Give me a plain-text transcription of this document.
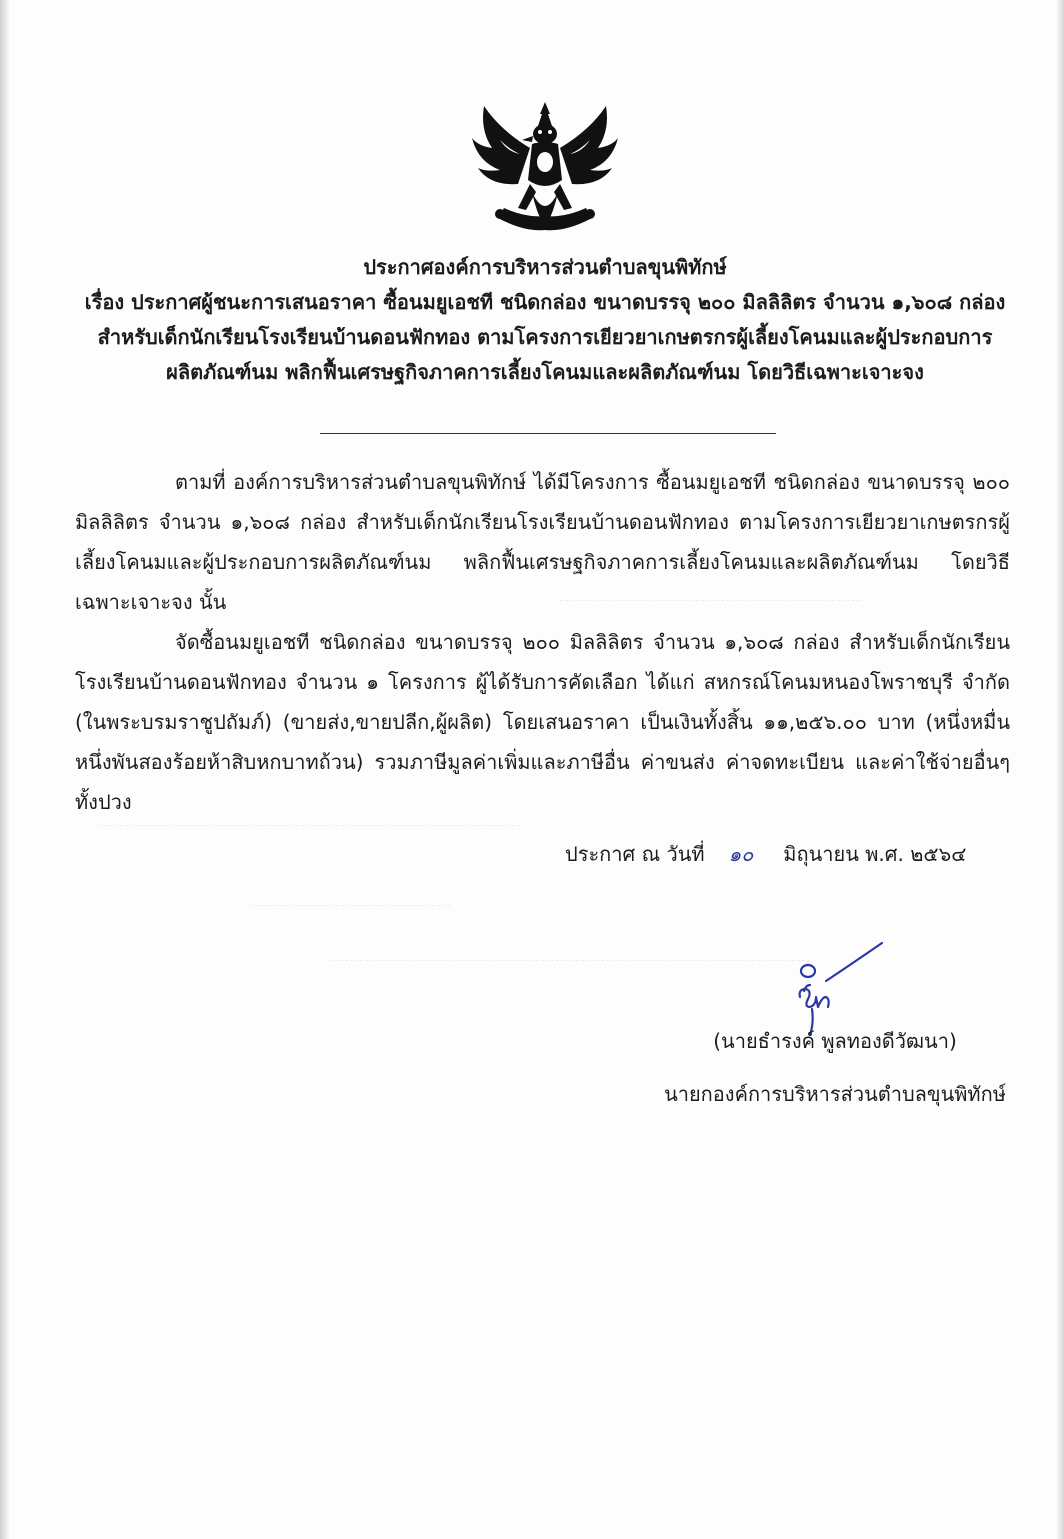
ประกาศองค์การบริหารส่วนตำบลขุนพิทักษ์
เรื่อง ประกาศผู้ชนะการเสนอราคา ซื้อนมยูเอชที ชนิดกล่อง ขนาดบรรจุ ๒๐๐ มิลลิลิตร จำนวน ๑,๖๐๘ กล่อง
สำหรับเด็กนักเรียนโรงเรียนบ้านดอนฟักทอง ตามโครงการเยียวยาเกษตรกรผู้เลี้ยงโคนมและผู้ประกอบการ
ผลิตภัณฑ์นม พลิกฟื้นเศรษฐกิจภาคการเลี้ยงโคนมและผลิตภัณฑ์นม โดยวิธีเฉพาะเจาะจง

ตามที่ องค์การบริหารส่วนตำบลขุนพิทักษ์ ได้มีโครงการ ซื้อนมยูเอชที ชนิดกล่อง ขนาดบรรจุ ๒๐๐ มิลลิลิตร จำนวน ๑,๖๐๘ กล่อง สำหรับเด็กนักเรียนโรงเรียนบ้านดอนฟักทอง ตามโครงการเยียวยาเกษตรกรผู้เลี้ยงโคนมและผู้ประกอบการผลิตภัณฑ์นม พลิกฟื้นเศรษฐกิจภาคการเลี้ยงโคนมและผลิตภัณฑ์นม โดยวิธีเฉพาะเจาะจง นั้น

จัดซื้อนมยูเอชที ชนิดกล่อง ขนาดบรรจุ ๒๐๐ มิลลิลิตร จำนวน ๑,๖๐๘ กล่อง สำหรับเด็กนักเรียนโรงเรียนบ้านดอนฟักทอง จำนวน ๑ โครงการ ผู้ได้รับการคัดเลือก ได้แก่ สหกรณ์โคนมหนองโพราชบุรี จำกัด (ในพระบรมราชูปถัมภ์) (ขายส่ง,ขายปลีก,ผู้ผลิต) โดยเสนอราคา เป็นเงินทั้งสิ้น ๑๑,๒๕๖.๐๐ บาท (หนึ่งหมื่นหนึ่งพันสองร้อยห้าสิบหกบาทถ้วน) รวมภาษีมูลค่าเพิ่มและภาษีอื่น ค่าขนส่ง ค่าจดทะเบียน และค่าใช้จ่ายอื่นๆ ทั้งปวง

ประกาศ ณ วันที่ ๑๐ มิถุนายน พ.ศ. ๒๕๖๔
(นายธำรงค์ พูลทองดีวัฒนา)
นายกองค์การบริหารส่วนตำบลขุนพิทักษ์
